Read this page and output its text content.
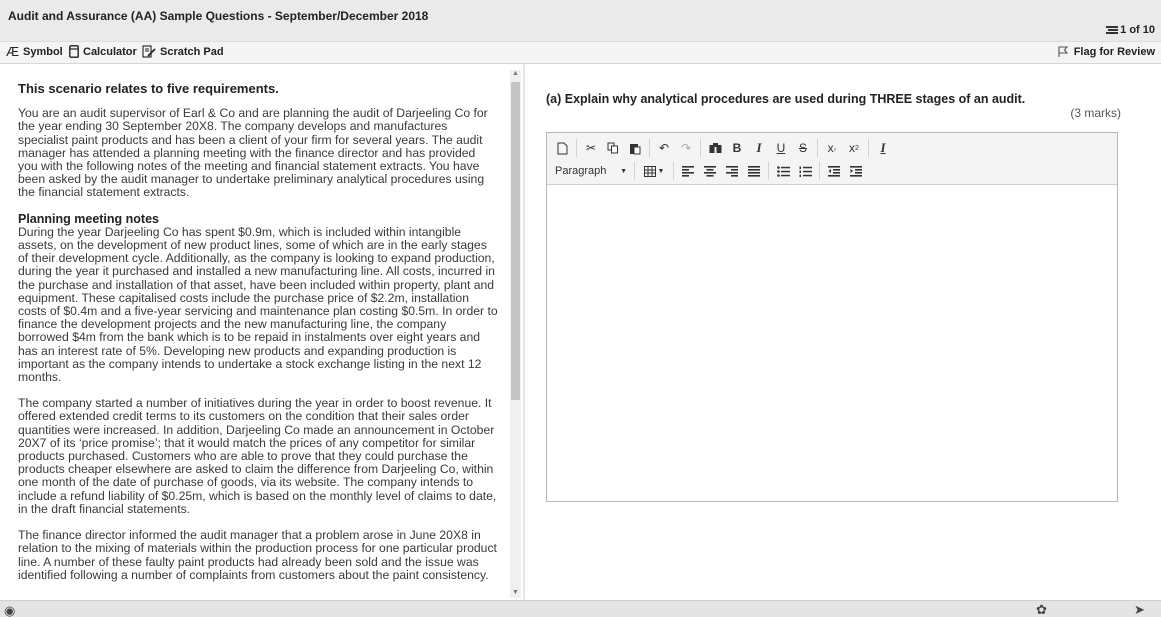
Audit and Assurance (AA) Sample Questions - September/December 2018
1 of 10
Æ Symbol Calculator Scratch Pad	Flag for Review
This scenario relates to five requirements.

You are an audit supervisor of Earl & Co and are planning the audit of Darjeeling Co for the year ending 30 September 20X8. The company develops and manufactures specialist paint products and has been a client of your firm for several years. The audit manager has attended a planning meeting with the finance director and has provided you with the following notes of the meeting and financial statement extracts. You have been asked by the audit manager to undertake preliminary analytical procedures using the financial statement extracts.

Planning meeting notes

During the year Darjeeling Co has spent $0.9m, which is included within intangible assets, on the development of new product lines, some of which are in the early stages of their development cycle. Additionally, as the company is looking to expand production, during the year it purchased and installed a new manufacturing line. All costs, incurred in the purchase and installation of that asset, have been included within property, plant and equipment. These capitalised costs include the purchase price of $2.2m, installation costs of $0.4m and a five-year servicing and maintenance plan costing $0.5m. In order to finance the development projects and the new manufacturing line, the company borrowed $4m from the bank which is to be repaid in instalments over eight years and has an interest rate of 5%. Developing new products and expanding production is important as the company intends to undertake a stock exchange listing in the next 12 months.

The company started a number of initiatives during the year in order to boost revenue. It offered extended credit terms to its customers on the condition that their sales order quantities were increased. In addition, Darjeeling Co made an announcement in October 20X7 of its ‘price promise’; that it would match the prices of any competitor for similar products purchased. Customers who are able to prove that they could purchase the products cheaper elsewhere are asked to claim the difference from Darjeeling Co, within one month of the date of purchase of goods, via its website. The company intends to include a refund liability of $0.25m, which is based on the monthly level of claims to date, in the draft financial statements.

The finance director informed the audit manager that a problem arose in June 20X8 in relation to the mixing of materials within the production process for one particular product line. A number of these faulty paint products had already been sold and the issue was identified following a number of complaints from customers about the paint consistency.

▲
▼
(a) Explain why analytical procedures are used during THREE stages of an audit.
(3 marks)
✂	↶ ↷	B	I	U	S	x ₂ x 2	I
Paragraph ▼	▼
◉	✿	➤
